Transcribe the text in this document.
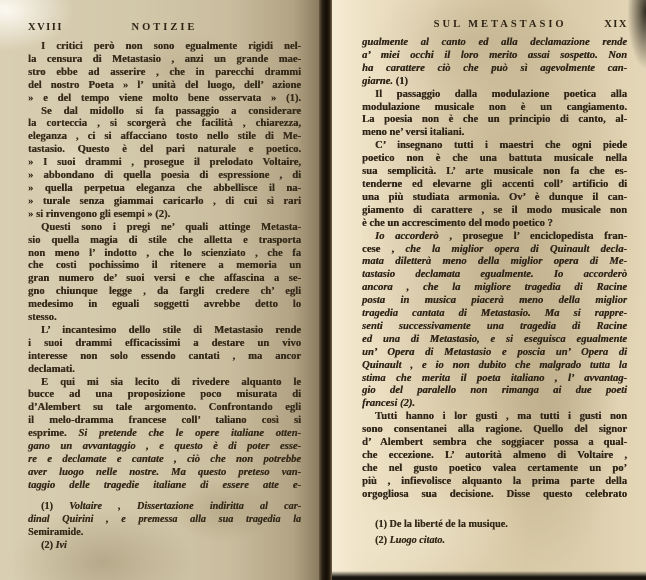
XVIII	NOTIZIE
I critici però non sono egualmente rigidi nel-
la censura di Metastasio , anzi un grande mae-
stro ebbe ad asserire , che in parecchi drammi
del nostro Poeta » l’ unità del luogo, dell’ azione
» e del tempo viene molto bene osservata » (1).
Se dal midollo si fa passaggio a considerare
la corteccia , si scorgerà che facilità , chiarezza,
eleganza , ci si affacciano tosto nello stile di Me-
tastasio. Questo è del pari naturale e poetico.
» I suoi drammi , prosegue il prelodato Voltaire,
» abbondano di quella poesia di espressione , di
» quella perpetua eleganza che abbellisce il na-
» turale senza giammai caricarlo , di cui sì rari
» si rinvengono gli esempi » (2).
Questi sono i pregi ne’ quali attinge Metasta-
sio quella magia di stile che alletta e trasporta
non meno l’ indotto , che lo scienziato , che fa
che costi pochissimo il ritenere a memoria un
gran numero de’ suoi versi e che affascina a se-
gno chiunque legge , da fargli credere ch’ egli
medesimo in eguali soggetti avrebbe detto lo
stesso.
L’ incantesimo dello stile di Metastasio rende
i suoi drammi efficacissimi a destare un vivo
interesse non solo essendo cantati , ma ancor
declamati.
E qui mi sia lecito di rivedere alquanto le
bucce ad una proposizione poco misurata di
d’Alembert su tale argomento. Confrontando egli
il melo-dramma francese coll’ taliano così si
esprime. Si pretende che le opere italiane otten-
gano un avvantaggio , e questo è di poter esse-
re e declamate e cantate , ciò che non potrebbe
aver luogo nelle nostre. Ma questo preteso van-
taggio delle tragedie italiane di essere atte e-
(1) Voltaire , Dissertazione indiritta al car-
dinal Quirini , e premessa alla sua tragedia la
Semiramide.
(2) Ivi
SUL METASTASIO	XIX
gualmente al canto ed alla declamazione rende
a’ miei occhi il loro merito assai sospetto. Non
ha carattere ciò che può sì agevolmente can-
giarne. (1)
Il passaggio dalla modulazione poetica alla
modulazione musicale non è un cangiamento.
La poesia non è che un principio di canto, al-
meno ne’ versi italiani.
C’ insegnano tutti i maestri che ogni piede
poetico non è che una battuta musicale nella
sua semplicità. L’ arte musicale non fa che es-
tenderne ed elevarne gli accenti coll’ artificio di
una più studiata armonia. Ov’ è dunque il can-
giamento di carattere , se il modo musicale non
è che un accrescimento del modo poetico ?
Io accorderò , prosegue l’ enciclopedista fran-
cese , che la miglior opera di Quinault decla-
mata diletterà meno della miglior opera di Me-
tastasio declamata egualmente. Io accorderò
ancora , che la migliore tragedia di Racine
posta in musica piacerà meno della miglior
tragedia cantata di Metastasio. Ma si rappre-
senti successivamente una tragedia di Racine
ed una di Metastasio, e si eseguisca egualmente
un’ Opera di Metastasio e poscia un’ Opera di
Quinault , e io non dubito che malgrado tutta la
stima che merita il poeta italiano , l’ avvantag-
gio del paralello non rimanga ai due poeti
francesi (2).
Tutti hanno i lor gusti , ma tutti i gusti non
sono consentanei alla ragione. Quello del signor
d’ Alembert sembra che soggiacer possa a qual-
che eccezione. L’ autorità almeno di Voltaire ,
che nel gusto poetico valea certamente un po’
più , infievolisce alquanto la prima parte della
orgogliosa sua decisione. Disse questo celebrato
(1) De la liberté de la musique.
(2) Luogo citato.
